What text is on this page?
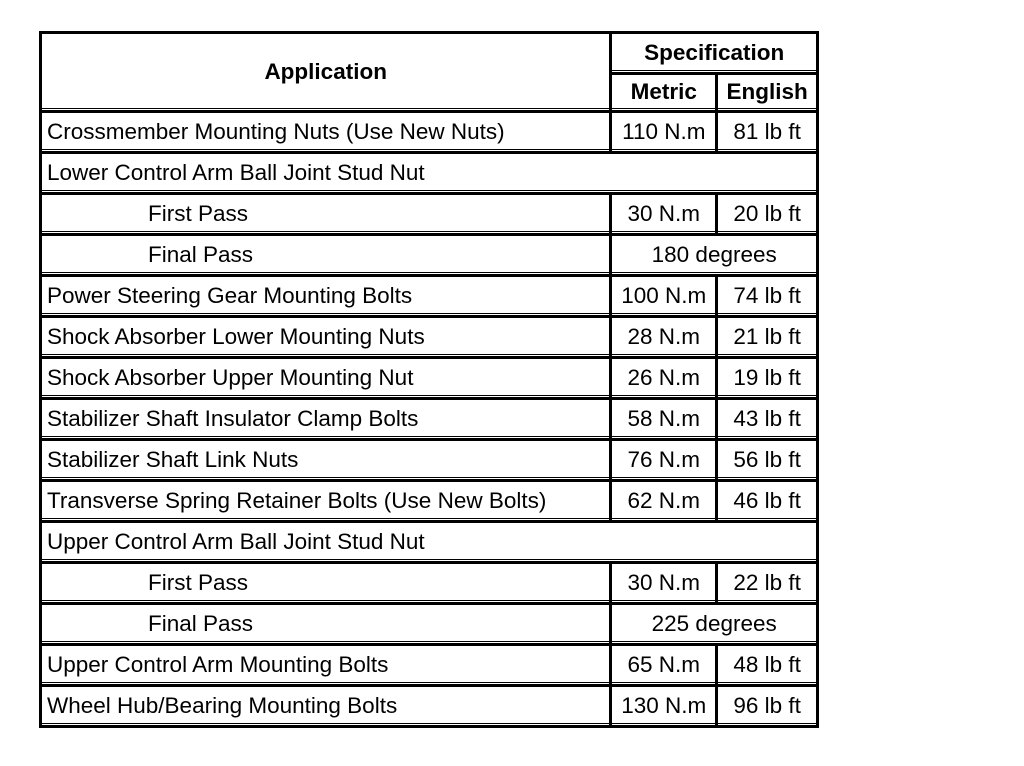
Application	Specification	
	Metric	English
Crossmember Mounting Nuts (Use New Nuts)	110 N.m	81 lb ft
Lower Control Arm Ball Joint Stud Nut		
First Pass	30 N.m	20 lb ft
Final Pass	180 degrees	
Power Steering Gear Mounting Bolts	100 N.m	74 lb ft
Shock Absorber Lower Mounting Nuts	28 N.m	21 lb ft
Shock Absorber Upper Mounting Nut	26 N.m	19 lb ft
Stabilizer Shaft Insulator Clamp Bolts	58 N.m	43 lb ft
Stabilizer Shaft Link Nuts	76 N.m	56 lb ft
Transverse Spring Retainer Bolts (Use New Bolts)	62 N.m	46 lb ft
Upper Control Arm Ball Joint Stud Nut		
First Pass	30 N.m	22 lb ft
Final Pass	225 degrees	
Upper Control Arm Mounting Bolts	65 N.m	48 lb ft
Wheel Hub/Bearing Mounting Bolts	130 N.m	96 lb ft
